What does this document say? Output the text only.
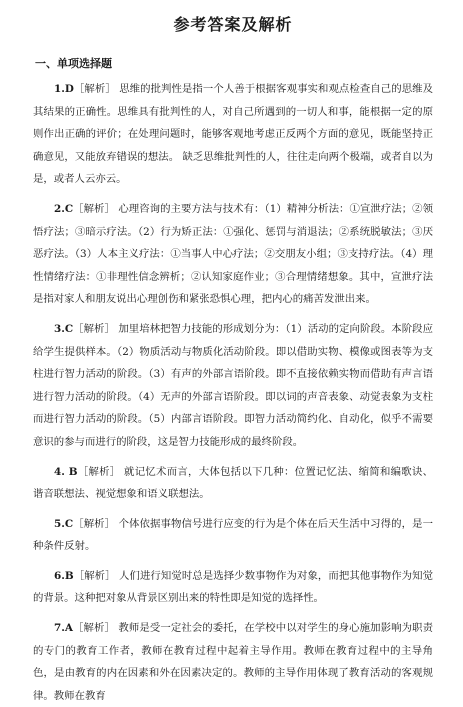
参考答案及解析
一、单项选择题

1.D［解析］ 思维的批判性是指一个人善于根据客观事实和观点检查自己的思维及其结果的正确性。思维具有批判性的人，对自己所遇到的一切人和事，能根据一定的原则作出正确的评价；在处理问题时，能够客观地考虑正反两个方面的意见，既能坚持正确意见，又能放弃错误的想法。 缺乏思维批判性的人，往往走向两个极端，或者自以为是，或者人云亦云。

2.C［解析］ 心理咨询的主要方法与技术有：（1）精神分析法：①宣泄疗法；②领悟疗法；③暗示疗法。（2）行为矫正法：①强化、惩罚与消退法；②系统脱敏法；③厌恶疗法。（3）人本主义疗法：①当事人中心疗法；②交朋友小组；③支持疗法。（4）理性情绪疗法：①非理性信念辨析；②认知家庭作业；③合理情绪想象。其中，宣泄疗法是指对家人和朋友说出心理创伤和紧张恐惧心理，把内心的痛苦发泄出来。

3.C［解析］ 加里培林把智力技能的形成划分为：（1）活动的定向阶段。本阶段应给学生提供样本。（2）物质活动与物质化活动阶段。即以借助实物、模像或图表等为支柱进行智力活动的阶段。（3）有声的外部言语阶段。即不直接依赖实物而借助有声言语进行智力活动的阶段。（4）无声的外部言语阶段。即以词的声音表象、动觉表象为支柱而进行智力活动的阶段。（5）内部言语阶段。即智力活动简约化、自动化，似乎不需要意识的参与而进行的阶段，这是智力技能形成的最终阶段。

4. B［解析］ 就记忆术而言，大体包括以下几种：位置记忆法、缩简和编歌诀、谐音联想法、视觉想象和语义联想法。

5.C［解析］ 个体依据事物信号进行应变的行为是个体在后天生活中习得的，是一种条件反射。

6.B［解析］ 人们进行知觉时总是选择少数事物作为对象，而把其他事物作为知觉的背景。这种把对象从背景区别出来的特性即是知觉的选择性。

7.A［解析］ 教师是受一定社会的委托，在学校中以对学生的身心施加影响为职责的专门的教育工作者，教师在教育过程中起着主导作用。教师在教育过程中的主导角色，是由教育的内在因素和外在因素决定的。教师的主导作用体现了教育活动的客观规律。教师在教育
